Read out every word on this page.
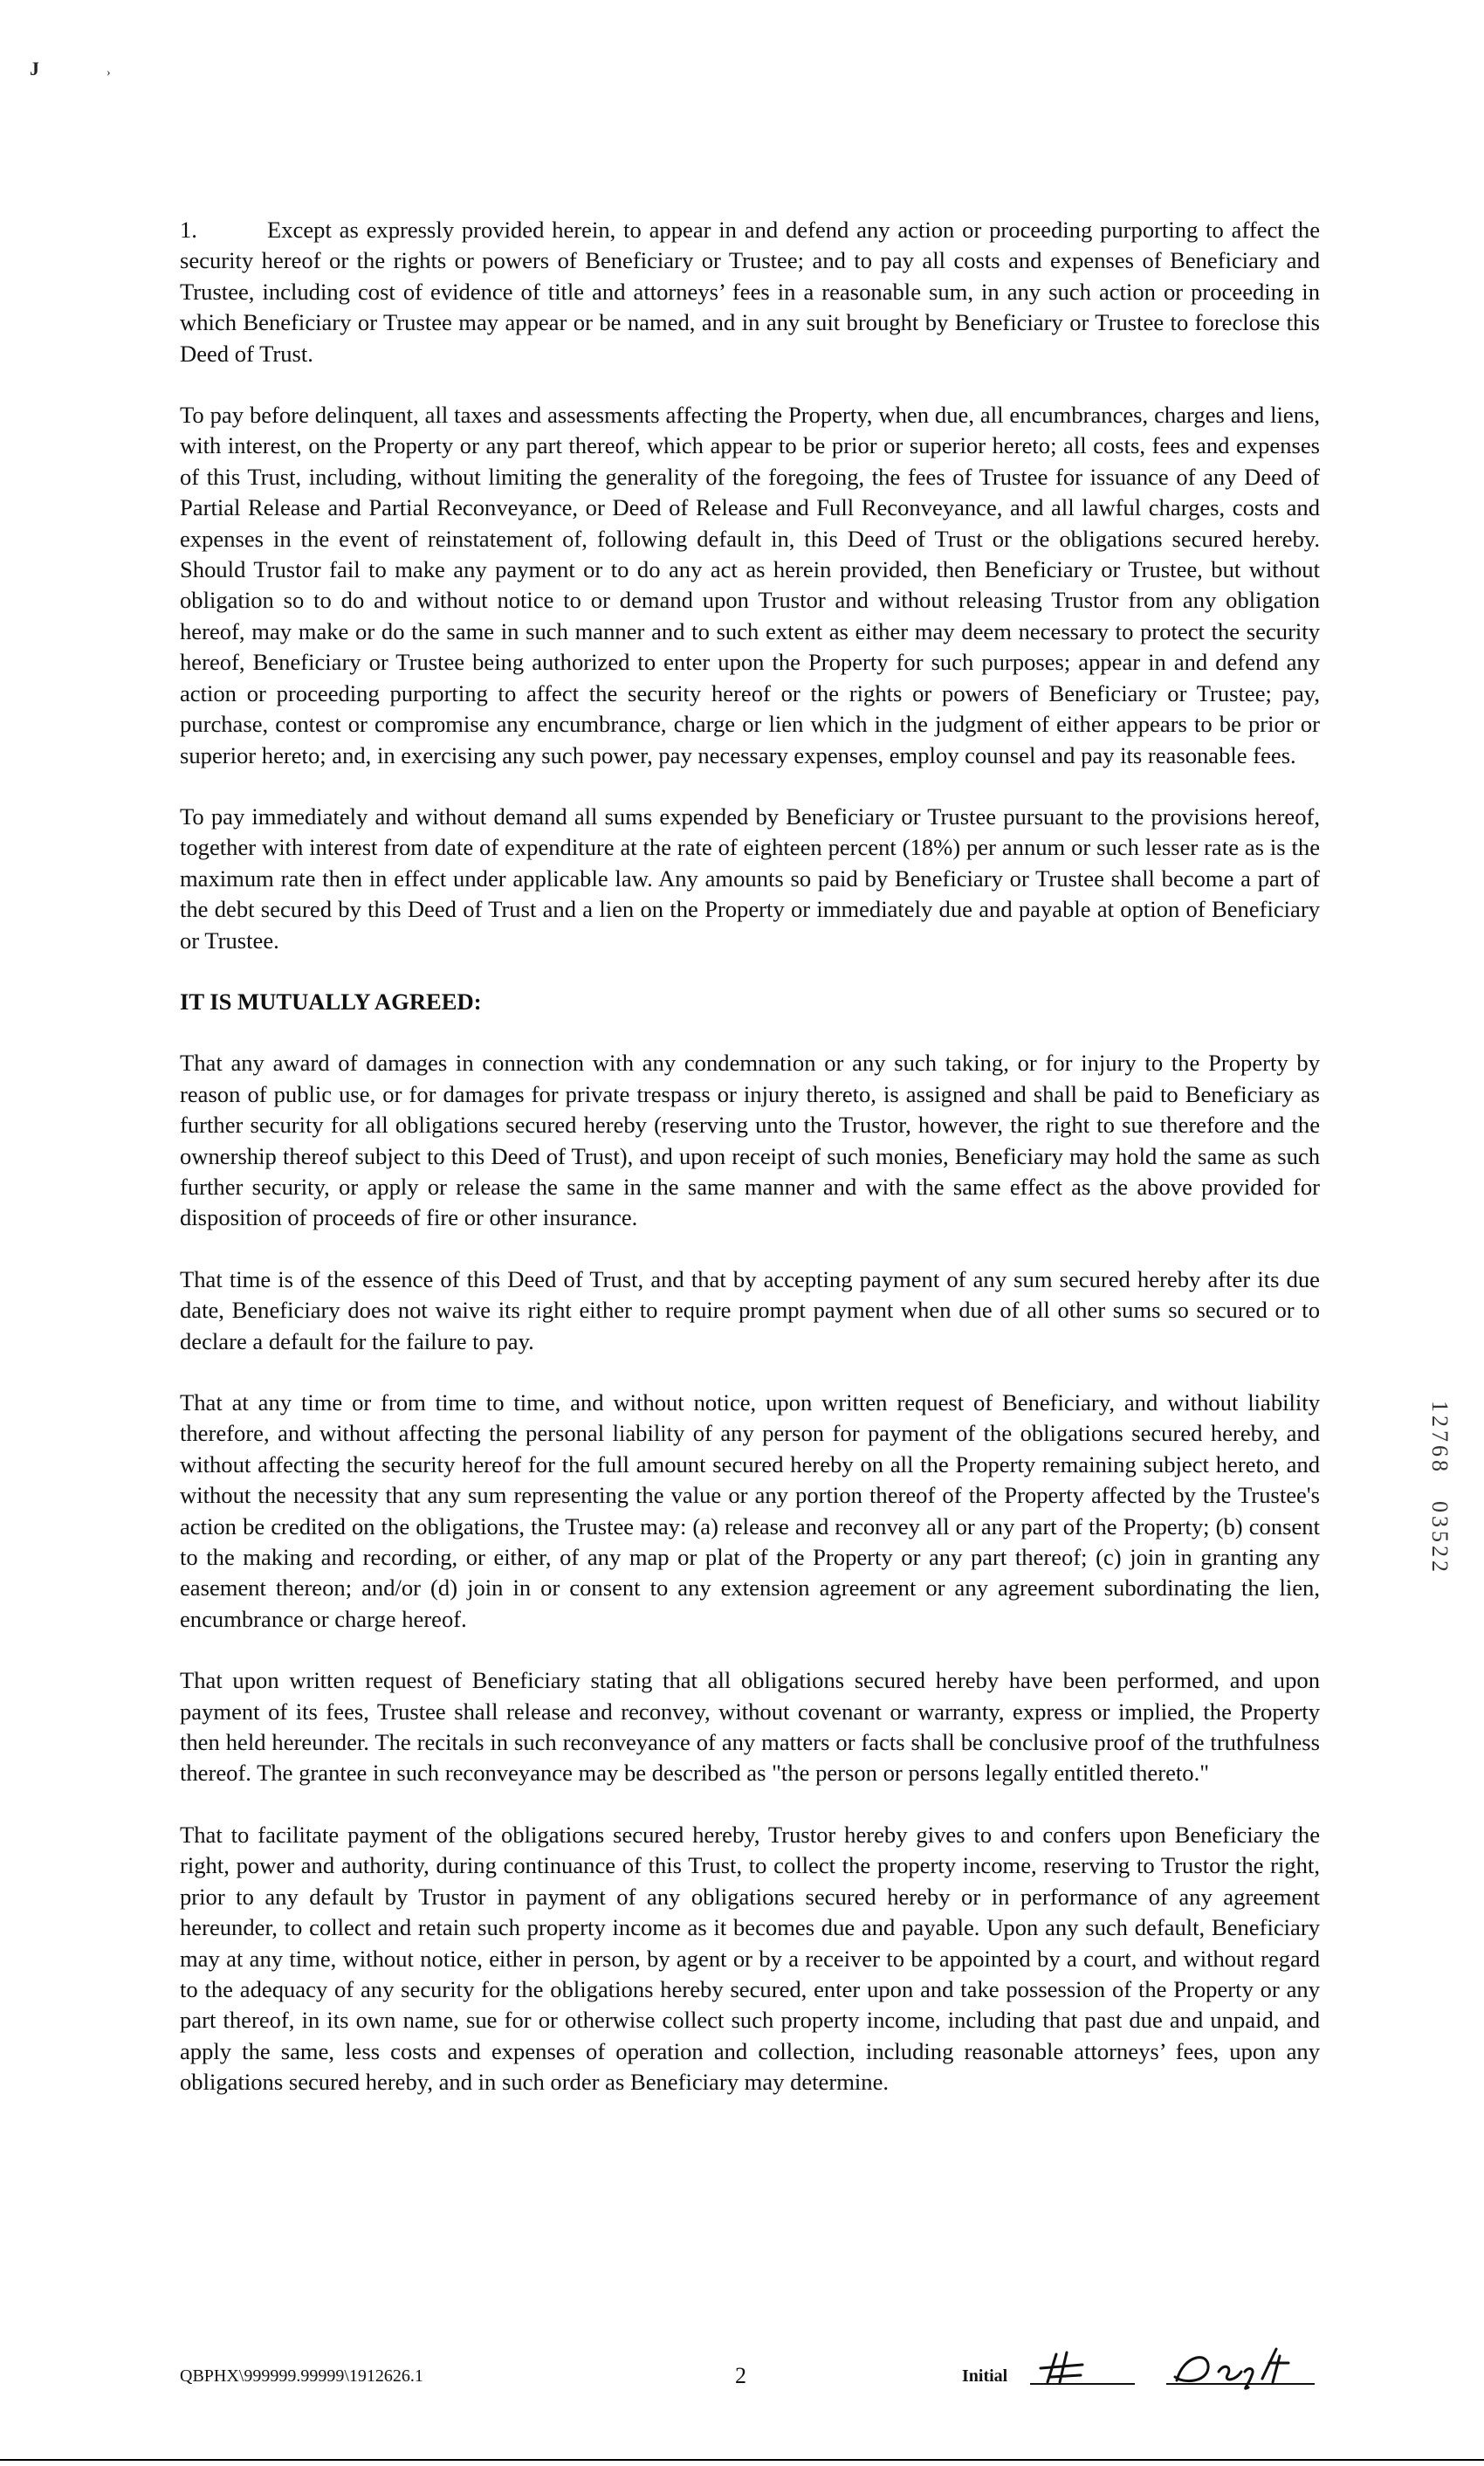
J	›

1.	Except as expressly provided herein, to appear in and defend any action or proceeding purporting to affect the security hereof or the rights or powers of Beneficiary or Trustee; and to pay all costs and expenses of Beneficiary and Trustee, including cost of evidence of title and attorneys’ fees in a reasonable sum, in any such action or proceeding in which Beneficiary or Trustee may appear or be named, and in any suit brought by Beneficiary or Trustee to foreclose this Deed of Trust.

To pay before delinquent, all taxes and assessments affecting the Property, when due, all encumbrances, charges and liens, with interest, on the Property or any part thereof, which appear to be prior or superior hereto; all costs, fees and expenses of this Trust, including, without limiting the generality of the foregoing, the fees of Trustee for issuance of any Deed of Partial Release and Partial Reconveyance, or Deed of Release and Full Reconveyance, and all lawful charges, costs and expenses in the event of reinstatement of, following default in, this Deed of Trust or the obligations secured hereby. Should Trustor fail to make any payment or to do any act as herein provided, then Beneficiary or Trustee, but without obligation so to do and without notice to or demand upon Trustor and without releasing Trustor from any obligation hereof, may make or do the same in such manner and to such extent as either may deem necessary to protect the security hereof, Beneficiary or Trustee being authorized to enter upon the Property for such purposes; appear in and defend any action or proceeding purporting to affect the security hereof or the rights or powers of Beneficiary or Trustee; pay, purchase, contest or compromise any encumbrance, charge or lien which in the judgment of either appears to be prior or superior hereto; and, in exercising any such power, pay necessary expenses, employ counsel and pay its reasonable fees.

To pay immediately and without demand all sums expended by Beneficiary or Trustee pursuant to the provisions hereof, together with interest from date of expenditure at the rate of eighteen percent (18%) per annum or such lesser rate as is the maximum rate then in effect under applicable law. Any amounts so paid by Beneficiary or Trustee shall become a part of the debt secured by this Deed of Trust and a lien on the Property or immediately due and payable at option of Beneficiary or Trustee.

IT IS MUTUALLY AGREED:

That any award of damages in connection with any condemnation or any such taking, or for injury to the Property by reason of public use, or for damages for private trespass or injury thereto, is assigned and shall be paid to Beneficiary as further security for all obligations secured hereby (reserving unto the Trustor, however, the right to sue therefore and the ownership thereof subject to this Deed of Trust), and upon receipt of such monies, Beneficiary may hold the same as such further security, or apply or release the same in the same manner and with the same effect as the above provided for disposition of proceeds of fire or other insurance.

That time is of the essence of this Deed of Trust, and that by accepting payment of any sum secured hereby after its due date, Beneficiary does not waive its right either to require prompt payment when due of all other sums so secured or to declare a default for the failure to pay.

That at any time or from time to time, and without notice, upon written request of Beneficiary, and without liability therefore, and without affecting the personal liability of any person for payment of the obligations secured hereby, and without affecting the security hereof for the full amount secured hereby on all the Property remaining subject hereto, and without the necessity that any sum representing the value or any portion thereof of the Property affected by the Trustee's action be credited on the obligations, the Trustee may: (a) release and reconvey all or any part of the Property; (b) consent to the making and recording, or either, of any map or plat of the Property or any part thereof; (c) join in granting any easement thereon; and/or (d) join in or consent to any extension agreement or any agreement subordinating the lien, encumbrance or charge hereof.

That upon written request of Beneficiary stating that all obligations secured hereby have been performed, and upon payment of its fees, Trustee shall release and reconvey, without covenant or warranty, express or implied, the Property then held hereunder. The recitals in such reconveyance of any matters or facts shall be conclusive proof of the truthfulness thereof. The grantee in such reconveyance may be described as "the person or persons legally entitled thereto."

That to facilitate payment of the obligations secured hereby, Trustor hereby gives to and confers upon Beneficiary the right, power and authority, during continuance of this Trust, to collect the property income, reserving to Trustor the right, prior to any default by Trustor in payment of any obligations secured hereby or in performance of any agreement hereunder, to collect and retain such property income as it becomes due and payable. Upon any such default, Beneficiary may at any time, without notice, either in person, by agent or by a receiver to be appointed by a court, and without regard to the adequacy of any security for the obligations hereby secured, enter upon and take possession of the Property or any part thereof, in its own name, sue for or otherwise collect such property income, including that past due and unpaid, and apply the same, less costs and expenses of operation and collection, including reasonable attorneys’ fees, upon any obligations secured hereby, and in such order as Beneficiary may determine.

12768
03522
QBPHX\999999.99999\1912626.1	2	Initial
